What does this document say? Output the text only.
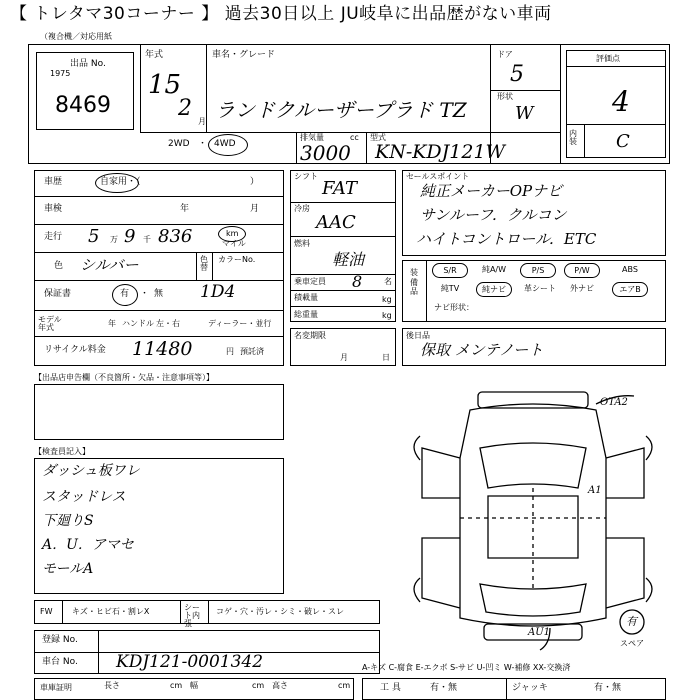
【 トレタマ30コーナー 】 過去30日以上 JU岐阜に出品歴がない車両
（複合機／対応用紙
出品 No.
1975
8469
年式
15
2
月
車名・グレード
ランドクルーザープラド TZ
ドア
5
形状
W
評価点
4
内装 C
2WD ・ 4WD
排気量
3000
cc 型式
KN-KDJ121W
車歴	自家用・（	）
車検	年	月
走行 5 万 9 千 836	km
マイル
色 シルバー	色替
カラーNo.
保証書	有 ・ 無 1D4
モデル年式	年 ハンドル 左・右	ディーラー・並行
リサイクル料金 11480	円 預託済
シフト
FAT
冷房
AAC
燃料
軽油
乗車定員 8	名
積載量	kg
総重量	kg
名変期限
月	日
セールスポイント
純正メーカーOPナビ
サンルーフ．クルコン
ハイトコントロール．ETC
装備品
S/R	純A/W	P/S	P/W	ABS
純TV	純ナビ	革シート	外ナビ	エアB
ナビ形状：
後日品
保取 メンテノート
【出品店申告欄（不良箇所・欠品・注意事項等）】
【検査員記入】
ダッシュ板ワレ
スタッドレス
下廻りS
A．U．アマセ
モールA
OTA2
A1
AU1
有
スペア
FW キズ・ヒビ石・割レX	シート内張
コゲ・穴・汚レ・シミ・破レ・スレ
登録 No.
車台 No. KDJ121-0001342	A-キズ C-腐食 E-エクボ S-サビ U-凹ミ W-補修 XX-交換済
車庫証明	長さ	cm 幅	cm 高さ	cm	工 具	有・無	ジャッキ	有・無
